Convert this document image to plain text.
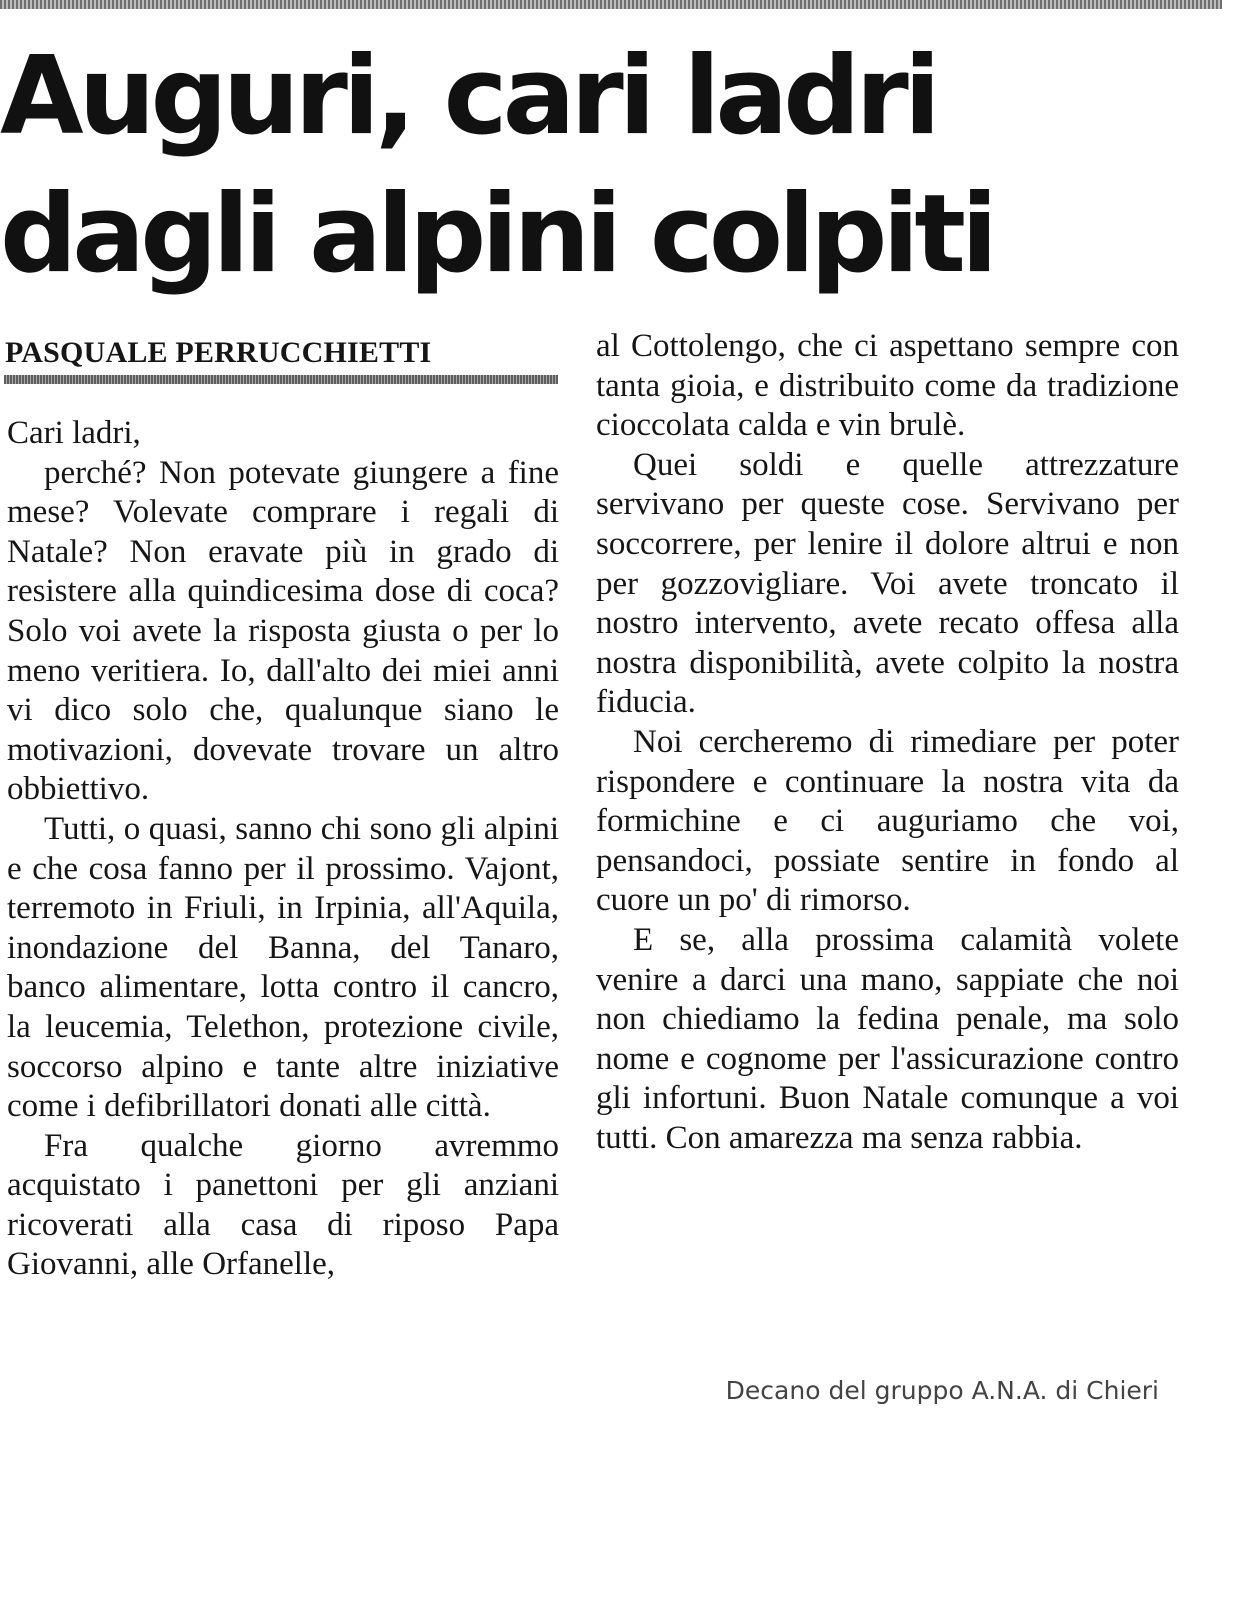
Auguri, cari ladri
dagli alpini colpiti
PASQUALE PERRUCCHIETTI

Cari ladri,

perché? Non potevate giungere a fine mese? Volevate comprare i regali di Natale? Non eravate più in grado di resistere alla quindicesima dose di coca? Solo voi avete la risposta giusta o per lo meno veritiera. Io, dall'alto dei miei anni vi dico solo che, qualunque siano le motivazioni, dovevate trovare un altro obbiettivo.

Tutti, o quasi, sanno chi sono gli alpini e che cosa fanno per il prossimo. Vajont, terremoto in Friuli, in Irpinia, all'Aquila, inondazione del Banna, del Tanaro, banco alimentare, lotta contro il cancro, la leucemia, Telethon, protezione civile, soccorso alpino e tante altre iniziative come i defibrillatori donati alle città.

Fra qualche giorno avremmo acquistato i panettoni per gli anziani ricoverati alla casa di riposo Papa Giovanni, alle Orfanelle,

al Cottolengo, che ci aspettano sempre con tanta gioia, e distribuito come da tradizione cioccolata calda e vin brulè.

Quei soldi e quelle attrezzature servivano per queste cose. Servivano per soccorrere, per lenire il dolore altrui e non per gozzovigliare. Voi avete troncato il nostro intervento, avete recato offesa alla nostra disponibilità, avete colpito la nostra fiducia.

Noi cercheremo di rimediare per poter rispondere e continuare la nostra vita da formichine e ci auguriamo che voi, pensandoci, possiate sentire in fondo al cuore un po' di rimorso.

E se, alla prossima calamità volete venire a darci una mano, sappiate che noi non chiediamo la fedina penale, ma solo nome e cognome per l'assicurazione contro gli infortuni. Buon Natale comunque a voi tutti. Con amarezza ma senza rabbia.

Decano del gruppo A.N.A. di Chieri
